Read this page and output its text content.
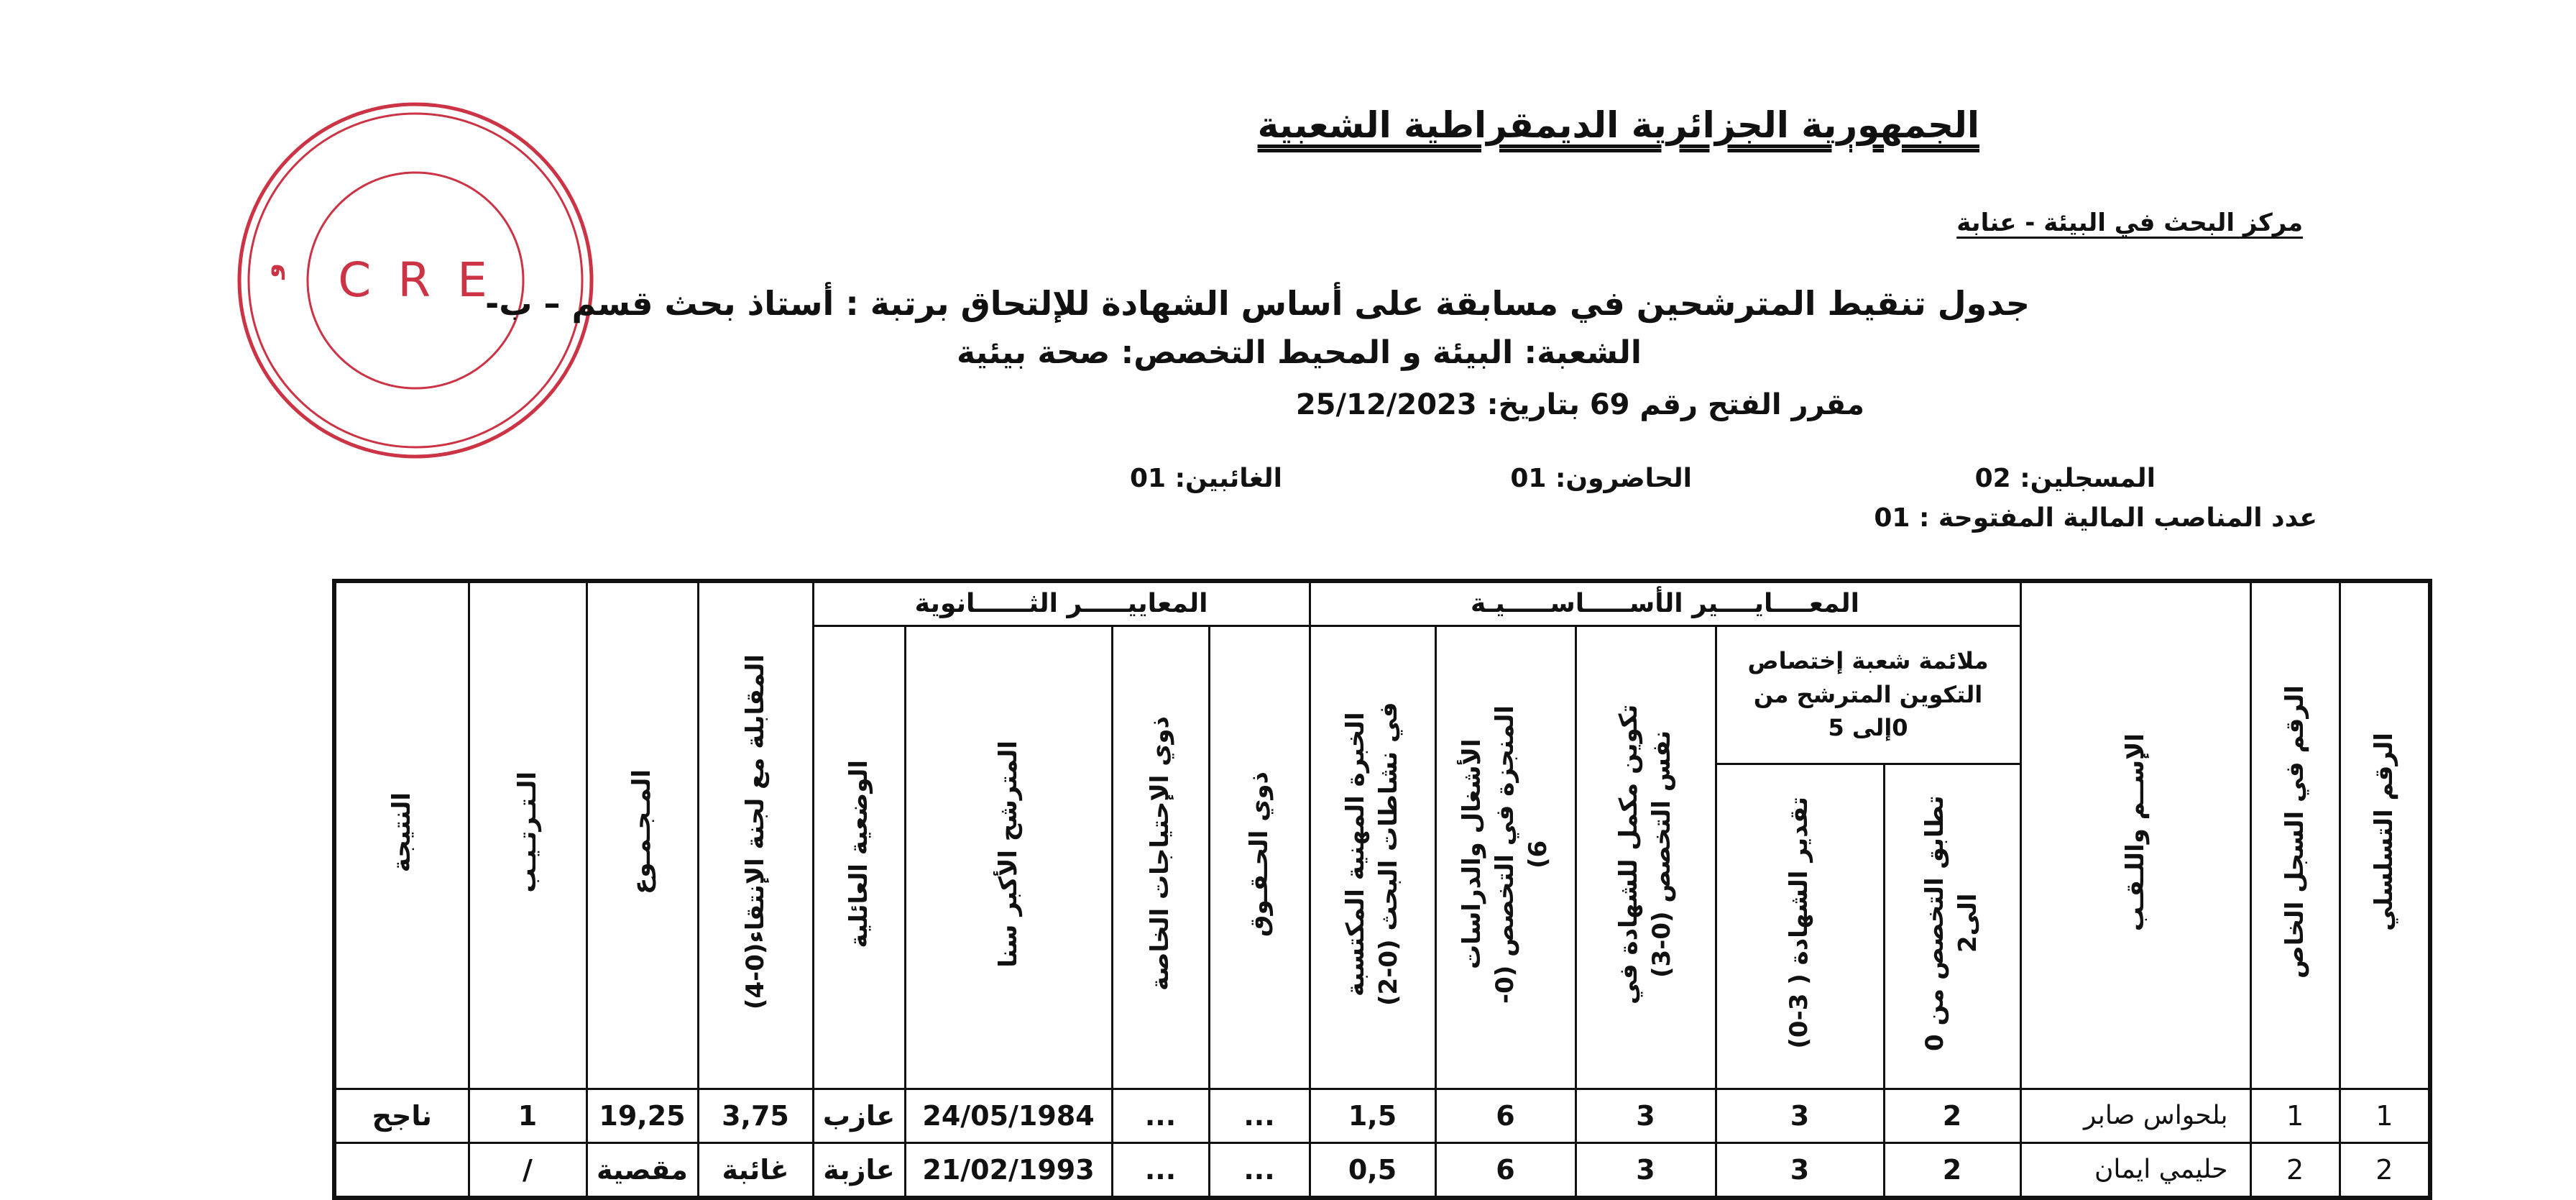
و C R E
الجمهورية الجزائرية الديمقراطية الشعبية
مركز البحث في البيئة - عنابة
جدول تنقيط المترشحين في مسابقة على أساس الشهادة للإلتحاق برتبة : أستاذ بحث قسم – ب-
الشعبة: البيئة و المحيط التخصص: صحة بيئية
مقرر الفتح رقم 69 بتاريخ: 25/12/2023
المسجلين: 02
الحاضرون: 01
الغائبين: 01
عدد المناصب المالية المفتوحة : 01
الرقم التسلسلي	الرقم في السجل الخاص	الإســم واللـقـب	المعــــايــــير الأســـــاســـــيـة					المعاييـــــر الثــــــانوية				المقابلة مع لجنة الإنتقاء(0-4)	المـجـمـوع	الـتـرتـيـب	النتيجة
			ملائمة شعبة إختصاص التكوين المترشح من 0إلى 5		تكوين مكمل للشهادة في نفس التخصص (0-3)	الأشغال والدراسات المنجزة في التخصص (0-6)	الخبرة المهنية المكتسبة في نشاطات البحث (0-2)	ذوي الحـقـوق	ذوي الإحتياجات الخاصة	المترشح الأكبر سنا	الوضعية العائلية				
			تطابق التخصص من 0 الى2	تقدير الشهادة ( 3-0)											
1	1	بلحواس صابر	2	3	3	6	1,5	...	...	24/05/1984	عازب	3,75	19,25	1	ناجح
2	2	حليمي ايمان	2	3	3	6	0,5	...	...	21/02/1993	عازبة	غائبة	مقصية	/	
